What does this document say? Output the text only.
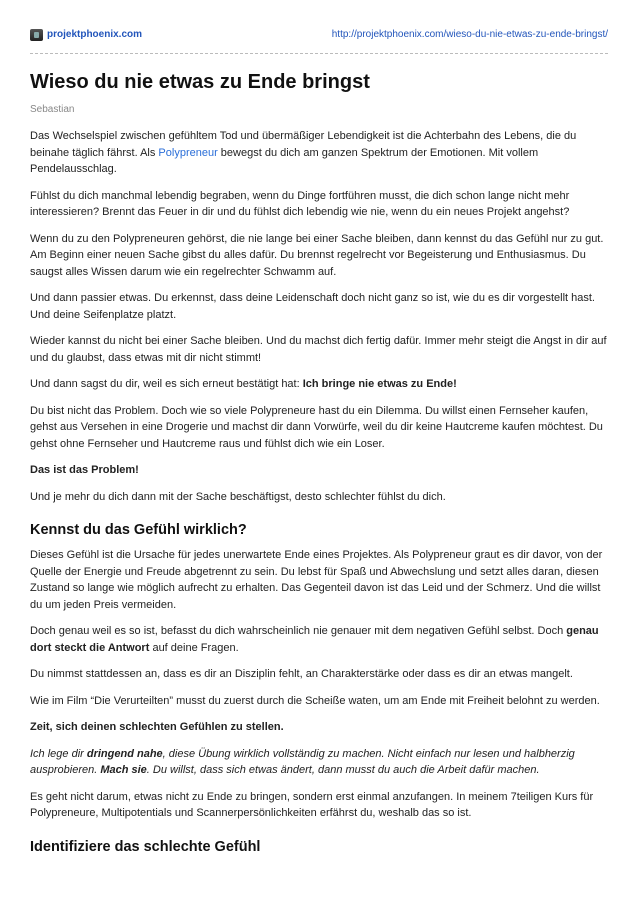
projektphoenix.com	http://projektphoenix.com/wieso-du-nie-etwas-zu-ende-bringst/
Wieso du nie etwas zu Ende bringst
Sebastian

Das Wechselspiel zwischen gefühltem Tod und übermäßiger Lebendigkeit ist die Achterbahn des Lebens, die du beinahe täglich fährst. Als Polypreneur bewegst du dich am ganzen Spektrum der Emotionen. Mit vollem Pendelausschlag.

Fühlst du dich manchmal lebendig begraben, wenn du Dinge fortführen musst, die dich schon lange nicht mehr interessieren? Brennt das Feuer in dir und du fühlst dich lebendig wie nie, wenn du ein neues Projekt angehst?

Wenn du zu den Polypreneuren gehörst, die nie lange bei einer Sache bleiben, dann kennst du das Gefühl nur zu gut. Am Beginn einer neuen Sache gibst du alles dafür. Du brennst regelrecht vor Begeisterung und Enthusiasmus. Du saugst alles Wissen darum wie ein regelrechter Schwamm auf.

Und dann passier etwas. Du erkennst, dass deine Leidenschaft doch nicht ganz so ist, wie du es dir vorgestellt hast. Und deine Seifenplatze platzt.

Wieder kannst du nicht bei einer Sache bleiben. Und du machst dich fertig dafür. Immer mehr steigt die Angst in dir auf und du glaubst, dass etwas mit dir nicht stimmt!

Und dann sagst du dir, weil es sich erneut bestätigt hat: Ich bringe nie etwas zu Ende!

Du bist nicht das Problem. Doch wie so viele Polypreneure hast du ein Dilemma. Du willst einen Fernseher kaufen, gehst aus Versehen in eine Drogerie und machst dir dann Vorwürfe, weil du dir keine Hautcreme kaufen möchtest. Du gehst ohne Fernseher und Hautcreme raus und fühlst dich wie ein Loser.

Das ist das Problem!

Und je mehr du dich dann mit der Sache beschäftigst, desto schlechter fühlst du dich.

Kennst du das Gefühl wirklich?

Dieses Gefühl ist die Ursache für jedes unerwartete Ende eines Projektes. Als Polypreneur graut es dir davor, von der Quelle der Energie und Freude abgetrennt zu sein. Du lebst für Spaß und Abwechslung und setzt alles daran, diesen Zustand so lange wie möglich aufrecht zu erhalten. Das Gegenteil davon ist das Leid und der Schmerz. Und die willst du um jeden Preis vermeiden.

Doch genau weil es so ist, befasst du dich wahrscheinlich nie genauer mit dem negativen Gefühl selbst. Doch genau dort steckt die Antwort auf deine Fragen.

Du nimmst stattdessen an, dass es dir an Disziplin fehlt, an Charakterstärke oder dass es dir an etwas mangelt.

Wie im Film “Die Verurteilten” musst du zuerst durch die Scheiße waten, um am Ende mit Freiheit belohnt zu werden.

Zeit, sich deinen schlechten Gefühlen zu stellen.

Ich lege dir dringend nahe, diese Übung wirklich vollständig zu machen. Nicht einfach nur lesen und halbherzig ausprobieren. Mach sie. Du willst, dass sich etwas ändert, dann musst du auch die Arbeit dafür machen.

Es geht nicht darum, etwas nicht zu Ende zu bringen, sondern erst einmal anzufangen. In meinem 7teiligen Kurs für Polypreneure, Multipotentials und Scannerpersönlichkeiten erfährst du, weshalb das so ist.

Identifiziere das schlechte Gefühl
